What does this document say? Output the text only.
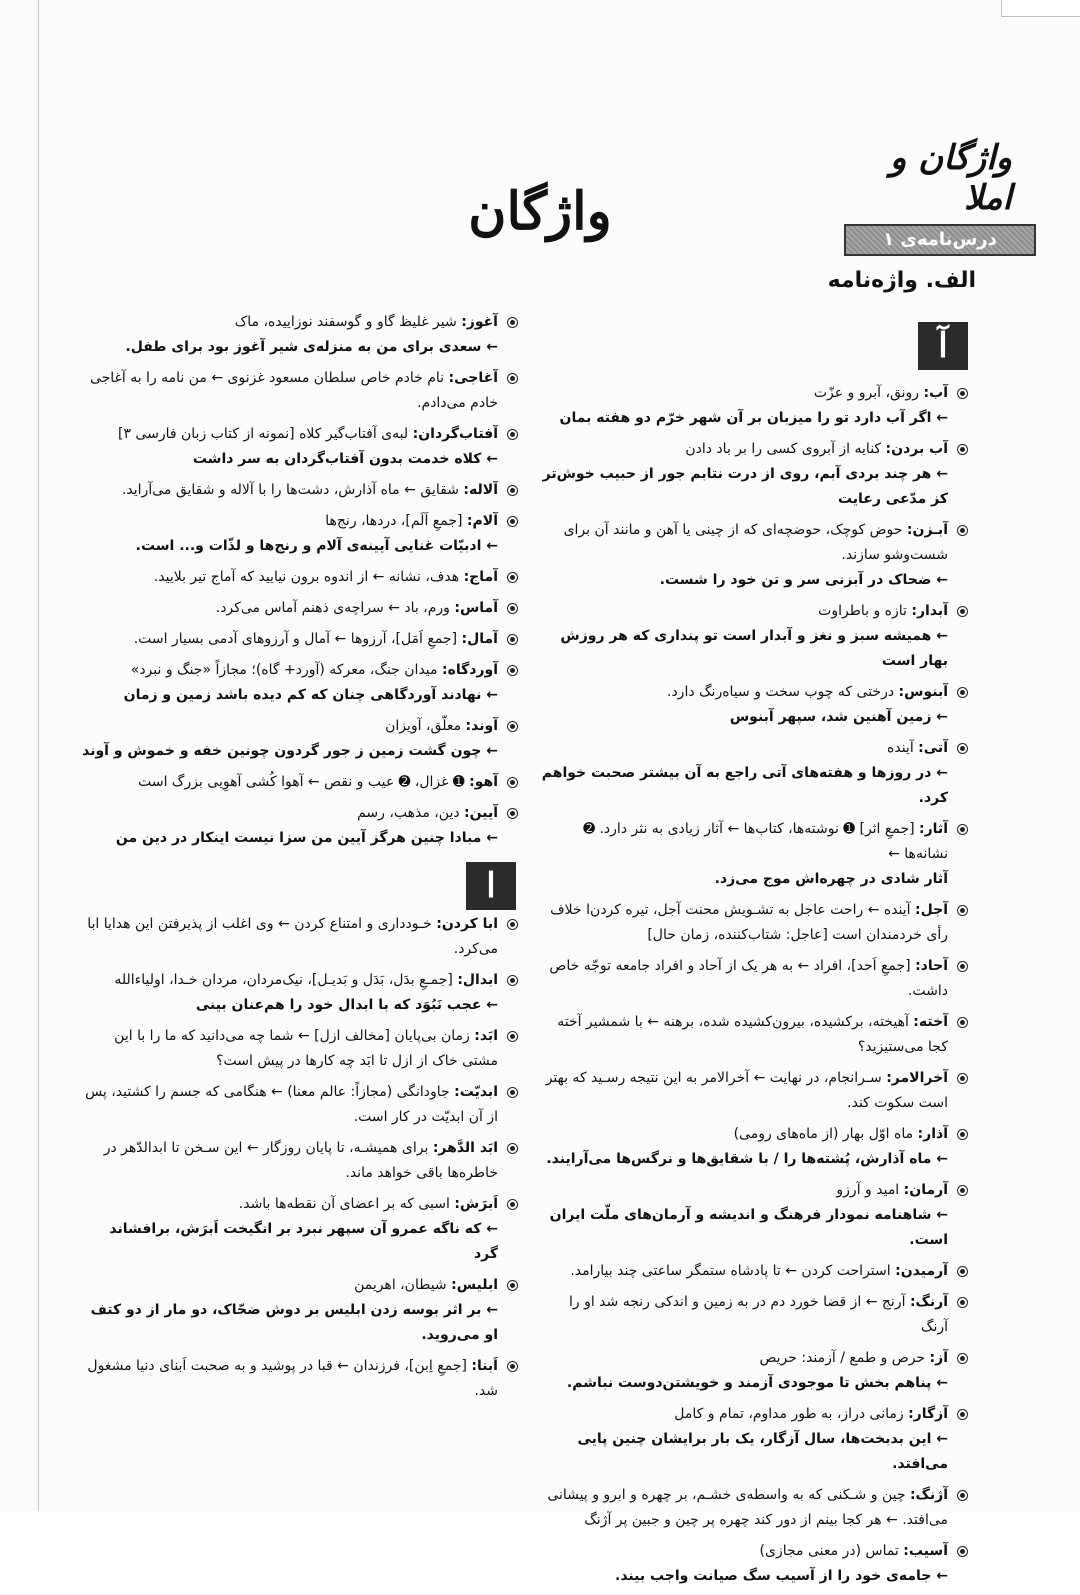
واژگان و املا
درس‌نامه‌ی ۱
واژگان
الف. واژه‌نامه
آ
ا
آب: رونق، آبرو و عزّت
← اگر آب دارد تو را میزبان بر آن شهر خرّم دو هفته بمان
آب بردن: کنایه از آبروی کسی را بر باد دادن
← هر چند بردی آبم، روی از درت نتابم جور از حبیب خوش‌تر کز مدّعی رعایت
آبـزن: حوض کوچک، حوضچه‌ای که از چینی یا آهن و مانند آن برای شست‌وشو سازند.
← ضحاک در آبزنی سر و تن خود را شست.
آبدار: تازه و باطراوت
← همیشه سبز و نغز و آبدار است تو پنداری که هر روزش بهار است
آبنوس: درختی که چوب سخت و سیاه‌رنگ دارد.
← زمین آهنین شد، سپهر آبنوس
آتی: آینده
← در روزها و هفته‌های آتی راجع به آن بیشتر صحبت خواهم کرد.
آثار: [جمعِ اثر] ➊ نوشته‌ها، کتاب‌ها ← آثار زیادی به نثر دارد. ➋ نشانه‌ها ←
آثار شادی در چهره‌اش موج می‌زد.
آجل: آینده ← راحت عاجل به تشـویش محنت آجل، تیره کردن‌ا خلاف رأی خردمندان است [عاجل: شتاب‌کننده، زمان حال]
آحاد: [جمعِ اَحد]، افراد ← به هر یک از آحاد و افراد جامعه توجّه خاص داشت.
آخته: آهیخته، برکشیده، بیرون‌کشیده شده، برهنه ← با شمشیر آخته کجا می‌ستیزید؟
آخرالامر: سـرانجام، در نهایت ← آخرالامر به این نتیجه رسـید که بهتر است سکوت کند.
آذار: ماه اوّل بهار (از ماه‌های رومی)
← ماه آذارش، پُشته‌ها را / با شقایق‌ها و نرگس‌ها می‌آرایند.
آرمان: امید و آرزو
← شاهنامه نمودار فرهنگ و اندیشه و آرمان‌های ملّت ایران است.
آرمیدن: استراحت کردن ← تا پادشاه ستمگر ساعتی چند بیارامد.
آرنگ: آرنج ← از قضا خورد دم در به زمین و اندکی رنجه شد او را آرنگ
آز: حرص و طمع / آزمند: حریص
← پناهم بخش تا موجودی آزمند و خویشتن‌دوست نباشم.
آزگار: زمانی دراز، به طور مداوم، تمام و کامل
← این بدبخت‌ها، سال آزگار، یک بار برایشان چنین پایی می‌افتد.
آژنگ: چین و شـکنی که به واسطه‌ی خشـم، بر چهره و ابرو و پیشانی می‌افتد. ← هر کجا بینم از دور کند چهره پر چین و جبین پر آژنگ
آسیب: تماس (در معنی مجازی)
← جامه‌ی خود را از آسیب سگ صیانت واجب بیند.
آغوز: شیر غلیظ گاو و گوسفند نوزاییده، ماک
← سعدی برای من به منزله‌ی شیر آغوز بود برای طفل.
آغاجی: نام خادم خاص سلطان مسعود غزنوی ← من نامه را به آغاجی خادم می‌دادم.
آفتاب‌گردان: لبه‌ی آفتاب‌گیر کلاه [نمونه از کتاب زبان فارسی ۳]
← کلاه خدمت بدون آفتاب‌گردان به سر داشت
آلاله: شقایق ← ماه آذارش، دشت‌ها را با آلاله و شقایق می‌آراید.
آلام: [جمعِ اَلَم]، دردها، رنج‌ها
← ادبیّات غنایی آیینه‌ی آلام و رنج‌ها و لذّات و... است.
آماج: هدف، نشانه ← از اندوه برون نیایید که آماج تیر بلایید.
آماس: ورم، باد ← سراچه‌ی ذهنم آماس می‌کرد.
آمال: [جمعِ اَمَل]، آرزوها ← آمال و آرزوهای آدمی بسیار است.
آوردگاه: میدان جنگ، معرکه (آورد+ گاه)؛ مجازاً «جنگ و نبرد»
← نهادند آوردگاهی چنان که کم دیده باشد زمین و زمان
آوند: معلّق، آویزان
← چون گشت زمین ز جور گردون چونین خفه و خموش و آوند
آهو: ➊ غزال، ➋ عیب و نقص ← آهوا کُشی آهوِیی بزرگ است
آیین: دین، مذهب، رسم
← مبادا چنین هرگز آیین من سزا نیست اینکار در دین من
ابا کردن: خـودداری و امتناع کردن ← وی اغلب از پذیرفتن این هدایا ابا می‌کرد.
ابدال: [جمـعِ بدَل، بَدَل و بَدیـل]، نیک‌مردان، مردان خـدا، اولیاءالله
← عجب نَبُوَد که با ابدال خود را هم‌عنان بینی
ابَد: زمان بی‌پایان [مخالف ازل] ← شما چه می‌دانید که ما را با این مشتی خاک از ازل تا ابَد چه کارها در پیش است؟
ابدیّت: جاودانگی (مجازاً: عالم معنا) ← هنگامی که جسم را کشتید، پس از آن ابدیّت در کار است.
ابَد الدَّهر: برای همیشـه، تا پایان روزگار ← این سـخن تا ابدالدّهر در خاطره‌ها باقی خواهد ماند.
اَبرَش: اسبی که بر اعضای آن نقطه‌ها باشد.
← که ناگه عمرو آن سپهر نبرد بر انگیخت اَبرَش، برافشاند گرد
ابلیس: شیطان، اهریمن
← بر اثر بوسه زدن ابلیس بر دوش ضحّاک، دو مار از دو کتف او می‌روید.
اَبنا: [جمعِ اِبن]، فرزندان ← قبا در پوشید و به صحبت اَبنای دنیا مشغول شد.
